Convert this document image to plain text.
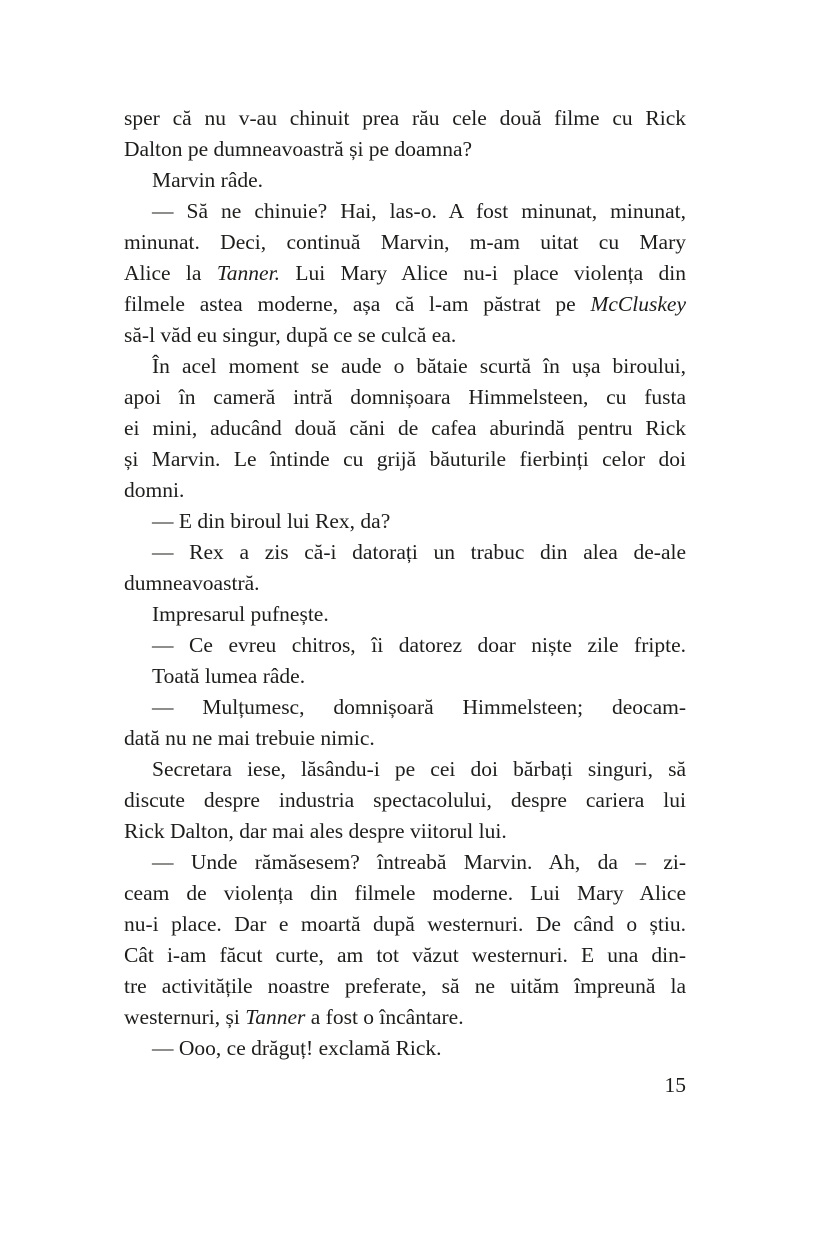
sper că nu v-au chinuit prea rău cele două filme cu Rick
Dalton pe dumneavoastră și pe doamna?
Marvin râde.
— Să ne chinuie? Hai, las-o. A fost minunat, minunat,
minunat. Deci, continuă Marvin, m-am uitat cu Mary
Alice la Tanner. Lui Mary Alice nu-i place violența din
filmele astea moderne, așa că l-am păstrat pe McCluskey
să-l văd eu singur, după ce se culcă ea.
În acel moment se aude o bătaie scurtă în ușa biroului,
apoi în cameră intră domnișoara Himmelsteen, cu fusta
ei mini, aducând două căni de cafea aburindă pentru Rick
și Marvin. Le întinde cu grijă băuturile fierbinți celor doi
domni.
— E din biroul lui Rex, da?
— Rex a zis că-i datorați un trabuc din alea de-ale
dumneavoastră.
Impresarul pufnește.
— Ce evreu chitros, îi datorez doar niște zile fripte.
Toată lumea râde.
— Mulțumesc, domnișoară Himmelsteen; deocam-
dată nu ne mai trebuie nimic.
Secretara iese, lăsându-i pe cei doi bărbați singuri, să
discute despre industria spectacolului, despre cariera lui
Rick Dalton, dar mai ales despre viitorul lui.
— Unde rămăsesem? întreabă Marvin. Ah, da – zi-
ceam de violența din filmele moderne. Lui Mary Alice
nu-i place. Dar e moartă după westernuri. De când o știu.
Cât i-am făcut curte, am tot văzut westernuri. E una din-
tre activitățile noastre preferate, să ne uităm împreună la
westernuri, și Tanner a fost o încântare.
— Ooo, ce drăguț! exclamă Rick.
15
